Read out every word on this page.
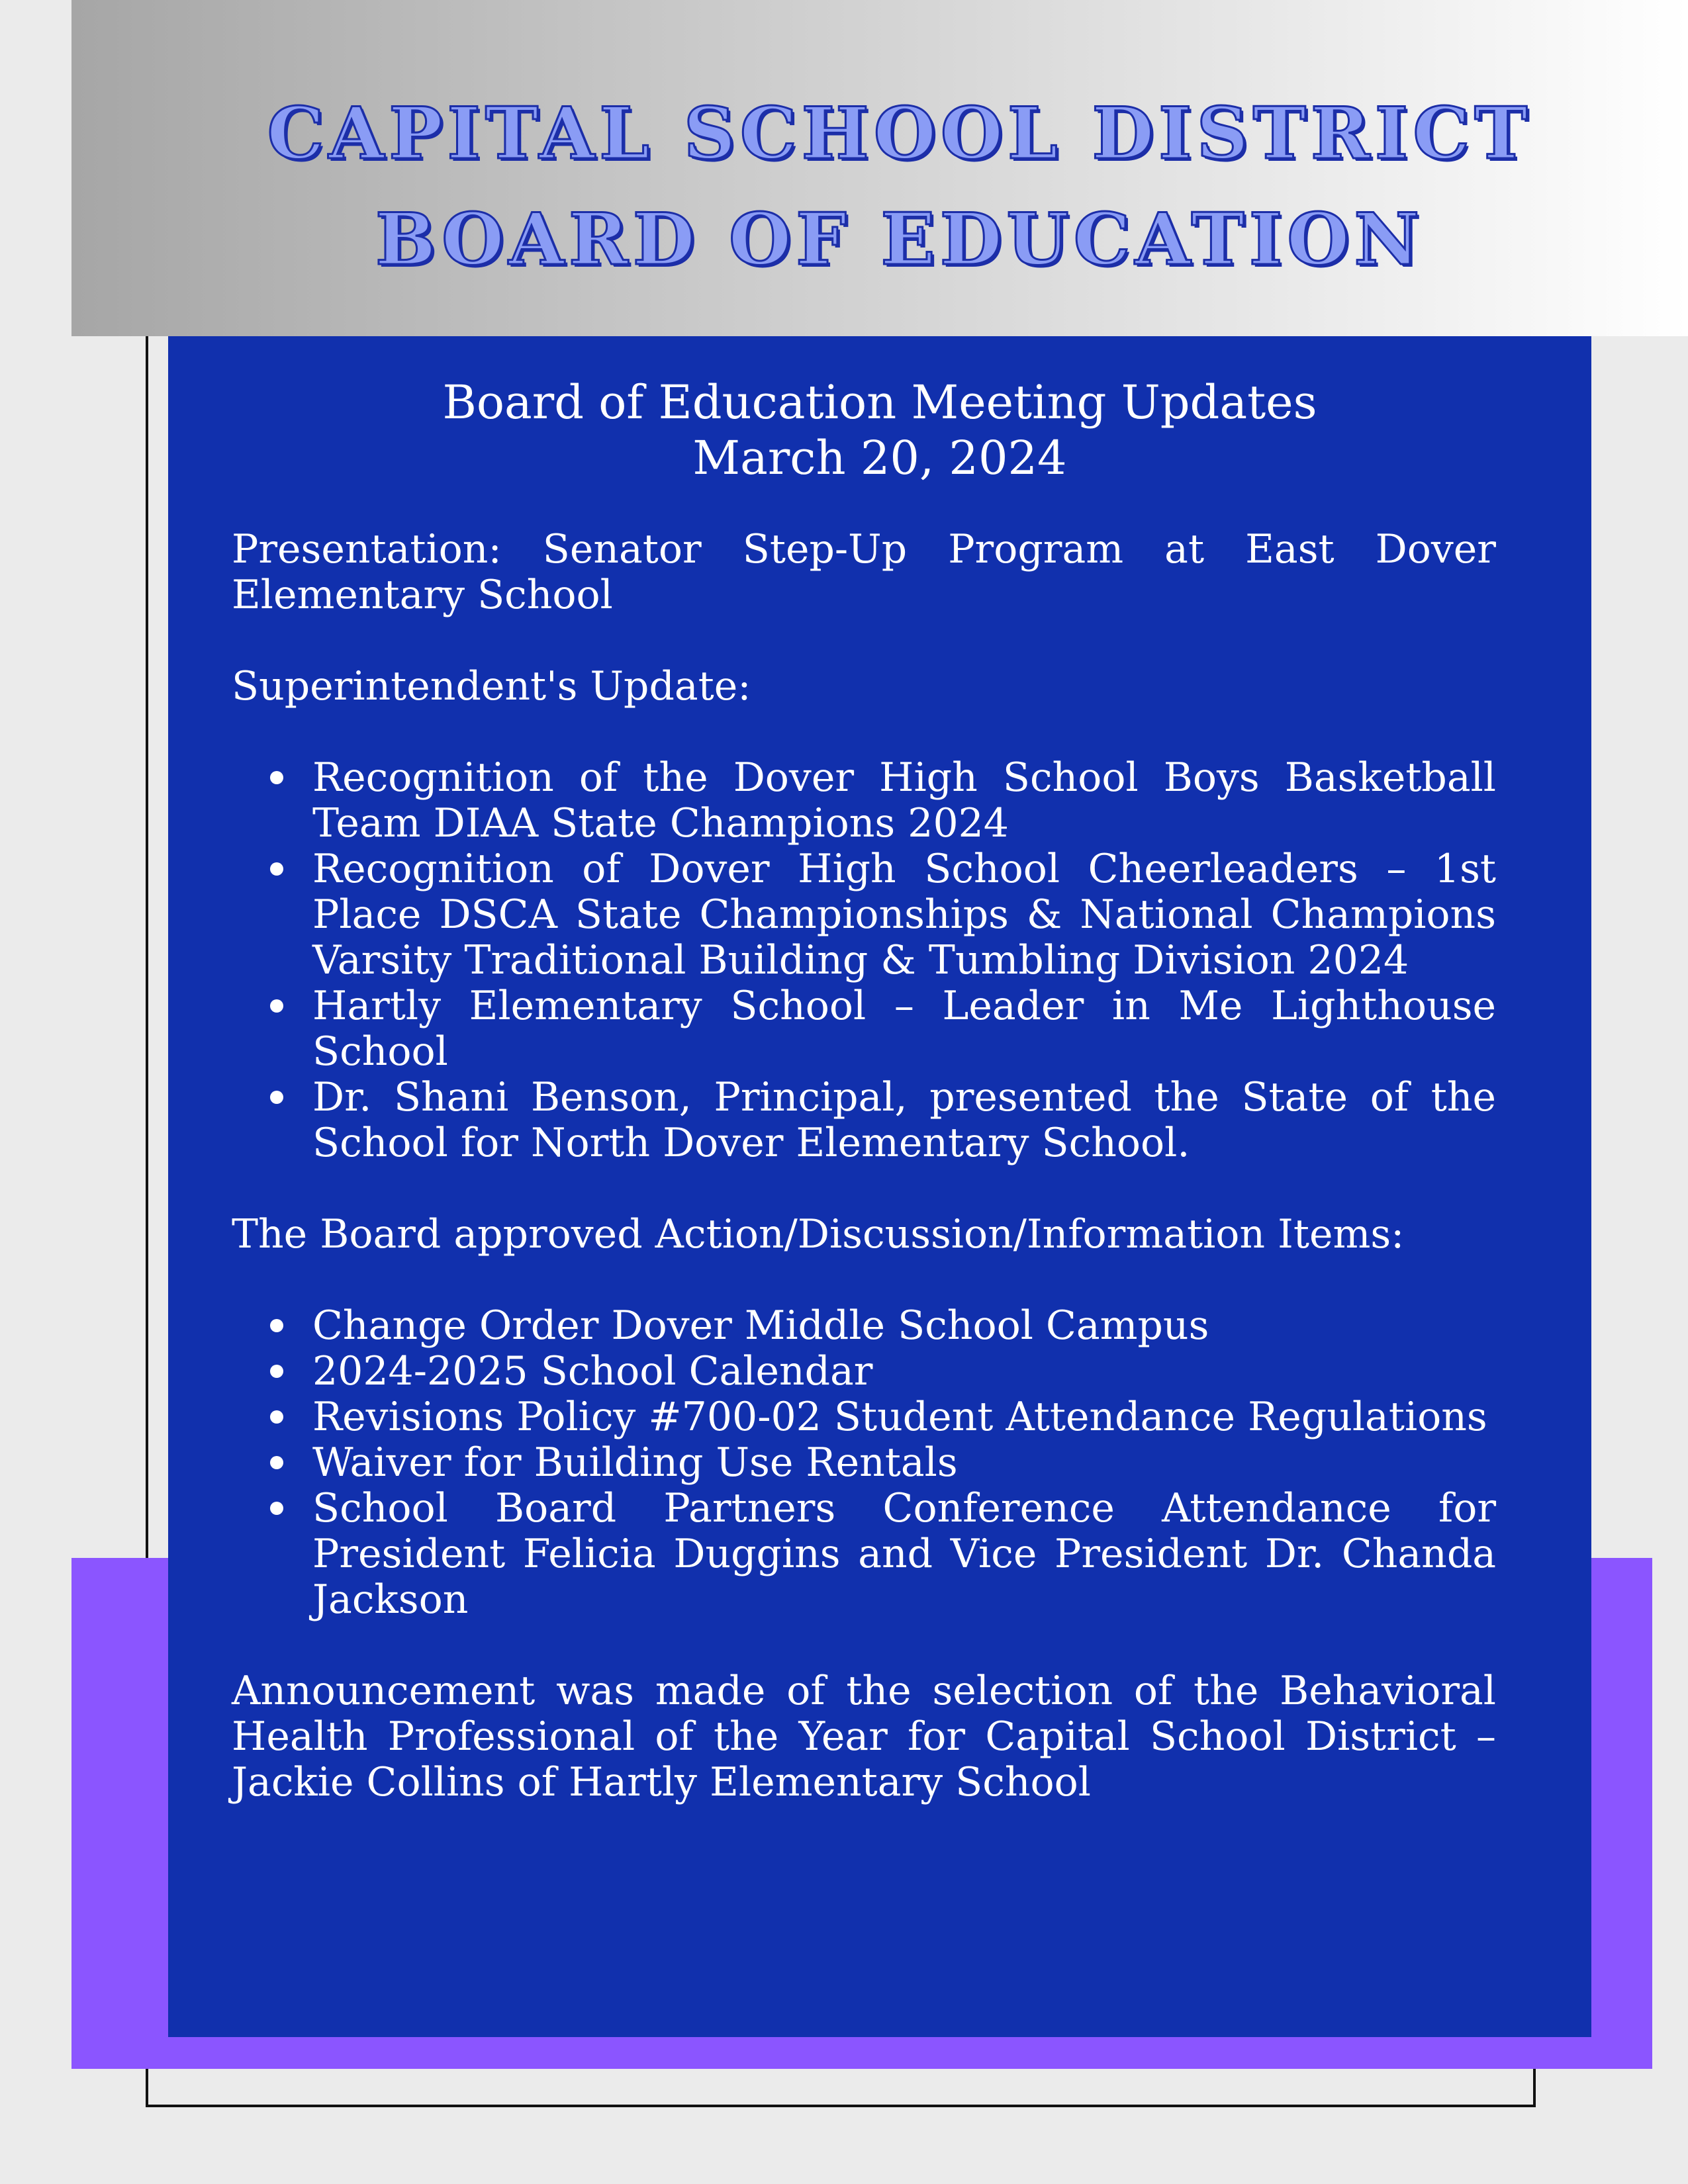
CAPITAL SCHOOL DISTRICT
BOARD OF EDUCATION
Board of Education Meeting Updates
March 20, 2024

Presentation: Senator Step-Up Program at East Dover Elementary School

Superintendent's Update:

Recognition of the Dover High School Boys Basketball Team DIAA State Champions 2024
Recognition of Dover High School Cheerleaders – 1st Place DSCA State Championships & National Champions Varsity Traditional Building & Tumbling Division 2024
Hartly Elementary School – Leader in Me Lighthouse School
Dr. Shani Benson, Principal, presented the State of the School for North Dover Elementary School.

The Board approved Action/Discussion/Information Items:

Change Order Dover Middle School Campus
2024-2025 School Calendar
Revisions Policy #700-02 Student Attendance Regulations
Waiver for Building Use Rentals
School Board Partners Conference Attendance for President Felicia Duggins and Vice President Dr. Chanda Jackson

Announcement was made of the selection of the Behavioral Health Professional of the Year for Capital School District – Jackie Collins of Hartly Elementary School
